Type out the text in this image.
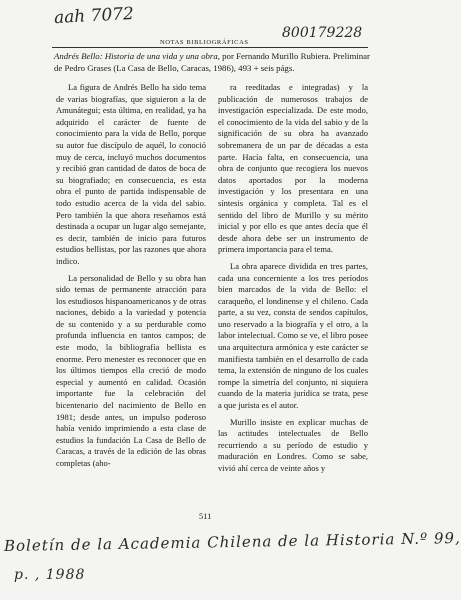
aah 7072
800179228
NOTAS BIBLIOGRÁFICAS
Andrés Bello: Historia de una vida y una obra, por Fernando Murillo Rubiera. Preliminar de Pedro Grases (La Casa de Bello, Caracas, 1986), 493 + seis págs.

La figura de Andrés Bello ha sido tema de varias biografías, que siguieron a la de Amunátegui; esta última, en realidad, ya ha adquirido el carácter de fuente de conocimiento para la vida de Bello, porque su autor fue discípulo de aquél, lo conoció muy de cerca, incluyó muchos documentos y recibió gran cantidad de datos de boca de su biografiado; en consecuencia, es esta obra el punto de partida indispensable de todo estudio acerca de la vida del sabio. Pero también la que ahora reseñamos está destinada a ocupar un lugar algo semejante, es decir, también de inicio para futuros estudios bellistas, por las razones que ahora indico.

La personalidad de Bello y su obra han sido temas de permanente atracción para los estudiosos hispanoamericanos y de otras naciones, debido a la variedad y potencia de su contenido y a su perdurable como profunda influencia en tantos campos; de este modo, la bibliografía bellista es enorme. Pero menester es reconocer que en los últimos tiempos ella creció de modo especial y aumentó en calidad. Ocasión importante fue la celebración del bicentenario del nacimiento de Bello en 1981; desde antes, un impulso poderoso había venido imprimiendo a esta clase de estudios la fundación La Casa de Bello de Caracas, a través de la edición de las obras completas (aho-

ra reeditadas e integradas) y la publicación de numerosos trabajos de investigación especializada. De este modo, el conocimiento de la vida del sabio y de la significación de su obra ha avanzado sobremanera de un par de décadas a esta parte. Hacía falta, en consecuencia, una obra de conjunto que recogiera los nuevos datos aportados por la moderna investigación y los presentara en una síntesis orgánica y completa. Tal es el sentido del libro de Murillo y su mérito inicial y por ello es que antes decía que él desde ahora debe ser un instrumento de primera importancia para el tema.

La obra aparece dividida en tres partes, cada una concerniente a los tres períodos bien marcados de la vida de Bello: el caraqueño, el londinense y el chileno. Cada parte, a su vez, consta de sendos capítulos, uno reservado a la biografía y el otro, a la labor intelectual. Como se ve, el libro posee una arquitectura armónica y este carácter se manifiesta también en el desarrollo de cada tema, la extensión de ninguno de los cuales rompe la simetría del conjunto, ni siquiera cuando de la materia jurídica se trata, pese a que jurista es el autor.

Murillo insiste en explicar muchas de las actitudes intelectuales de Bello recurriendo a su período de estudio y maduración en Londres. Como se sabe, vivió ahí cerca de veinte años y

511
Boletín de la Academia Chilena de la Historia N.º 99,
p. , 1988
